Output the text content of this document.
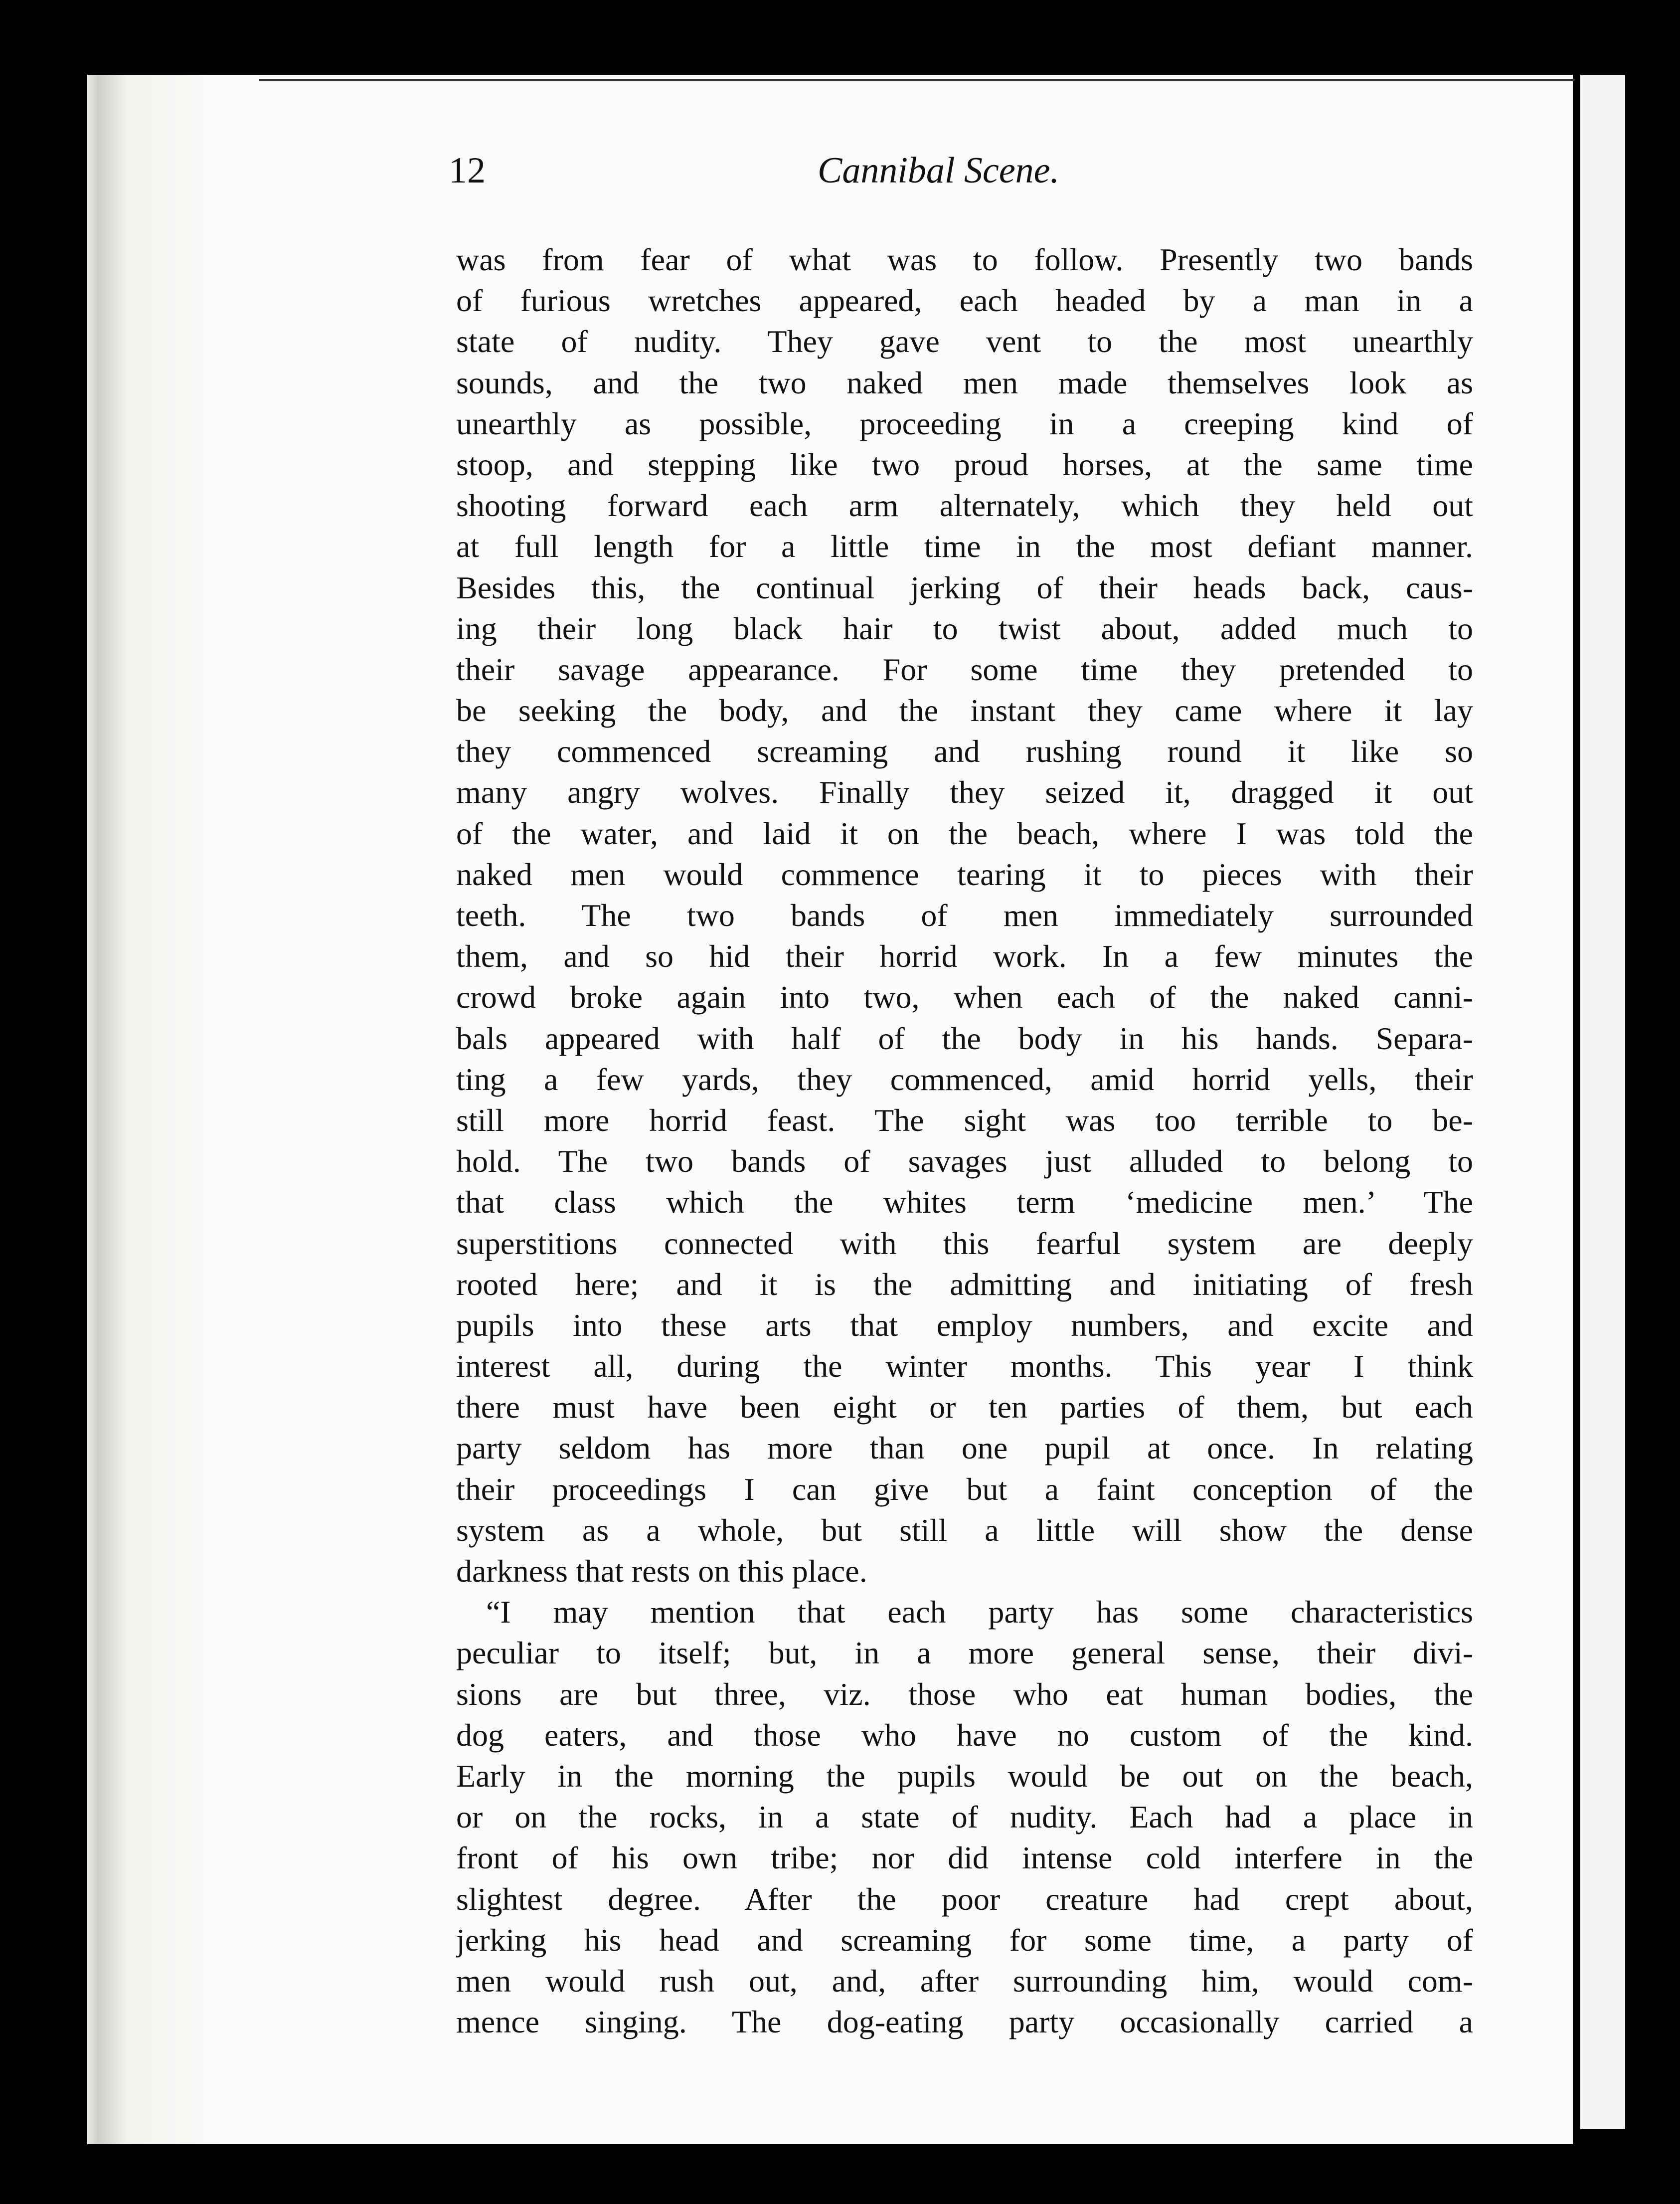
12	Cannibal Scene.
was from fear of what was to follow. Presently two bands
of furious wretches appeared, each headed by a man in a
state of nudity. They gave vent to the most unearthly
sounds, and the two naked men made themselves look as
unearthly as possible, proceeding in a creeping kind of
stoop, and stepping like two proud horses, at the same time
shooting forward each arm alternately, which they held out
at full length for a little time in the most defiant manner.
Besides this, the continual jerking of their heads back, caus-
ing their long black hair to twist about, added much to
their savage appearance. For some time they pretended to
be seeking the body, and the instant they came where it lay
they commenced screaming and rushing round it like so
many angry wolves. Finally they seized it, dragged it out
of the water, and laid it on the beach, where I was told the
naked men would commence tearing it to pieces with their
teeth. The two bands of men immediately surrounded
them, and so hid their horrid work. In a few minutes the
crowd broke again into two, when each of the naked canni-
bals appeared with half of the body in his hands. Separa-
ting a few yards, they commenced, amid horrid yells, their
still more horrid feast. The sight was too terrible to be-
hold. The two bands of savages just alluded to belong to
that class which the whites term ‘medicine men.’ The
superstitions connected with this fearful system are deeply
rooted here; and it is the admitting and initiating of fresh
pupils into these arts that employ numbers, and excite and
interest all, during the winter months. This year I think
there must have been eight or ten parties of them, but each
party seldom has more than one pupil at once. In relating
their proceedings I can give but a faint conception of the
system as a whole, but still a little will show the dense
darkness that rests on this place.
“I may mention that each party has some characteristics
peculiar to itself; but, in a more general sense, their divi-
sions are but three, viz. those who eat human bodies, the
dog eaters, and those who have no custom of the kind.
Early in the morning the pupils would be out on the beach,
or on the rocks, in a state of nudity. Each had a place in
front of his own tribe; nor did intense cold interfere in the
slightest degree. After the poor creature had crept about,
jerking his head and screaming for some time, a party of
men would rush out, and, after surrounding him, would com-
mence singing. The dog-eating party occasionally carried a
